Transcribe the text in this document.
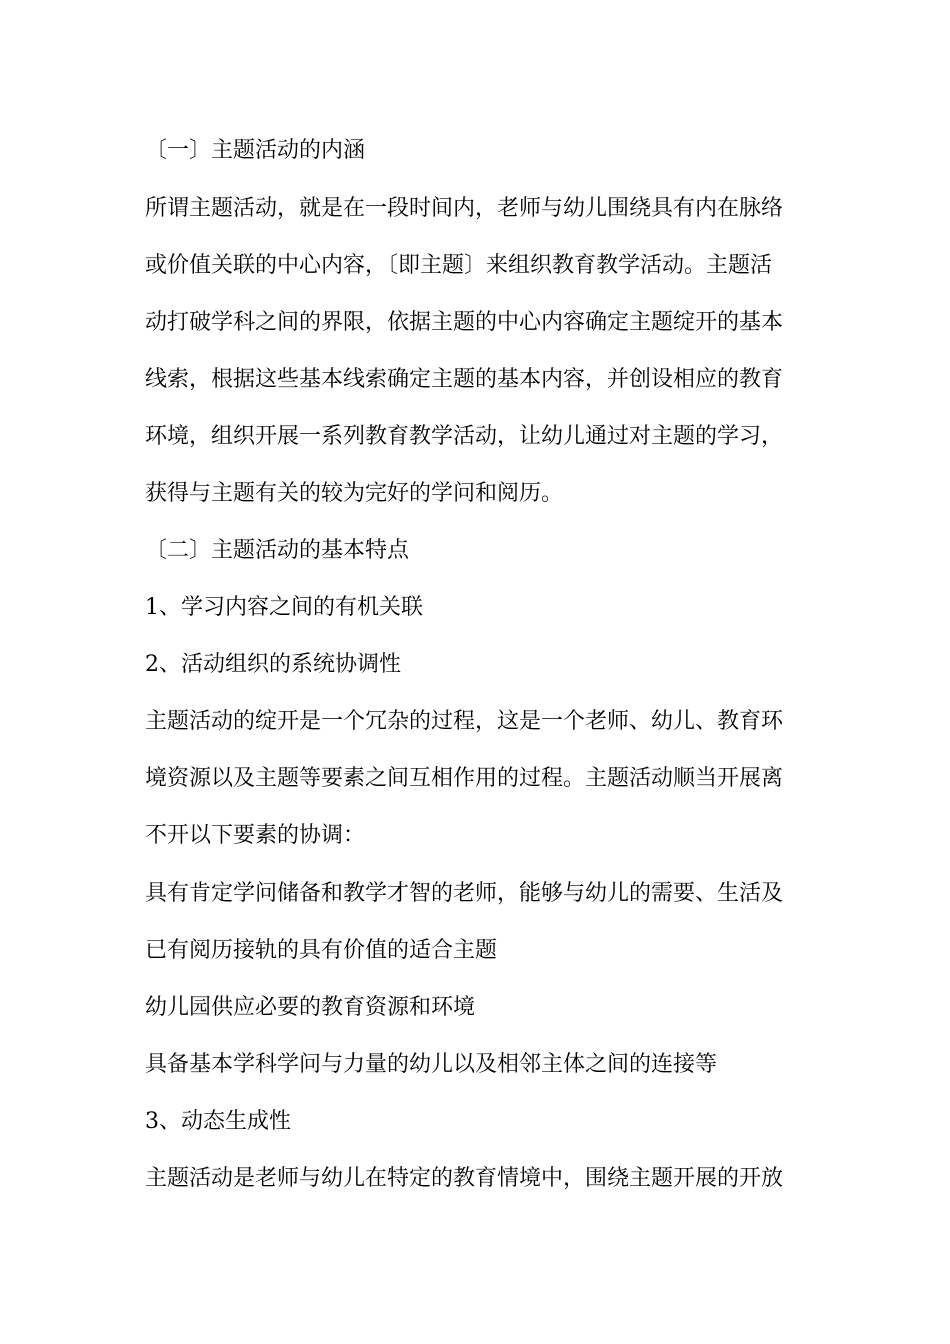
〔一〕主题活动的内涵
所谓主题活动，就是在一段时间内，老师与幼儿围绕具有内在脉络
或价值关联的中心内容，〔即主题〕来组织教育教学活动。主题活
动打破学科之间的界限，依据主题的中心内容确定主题绽开的基本
线索，根据这些基本线索确定主题的基本内容，并创设相应的教育
环境，组织开展一系列教育教学活动，让幼儿通过对主题的学习，
获得与主题有关的较为完好的学问和阅历。
〔二〕主题活动的基本特点
1、学习内容之间的有机关联
2、活动组织的系统协调性
主题活动的绽开是一个冗杂的过程，这是一个老师、幼儿、教育环
境资源以及主题等要素之间互相作用的过程。主题活动顺当开展离
不开以下要素的协调：
具有肯定学问储备和教学才智的老师，能够与幼儿的需要、生活及
已有阅历接轨的具有价值的适合主题
幼儿园供应必要的教育资源和环境
具备基本学科学问与力量的幼儿以及相邻主体之间的连接等
3、动态生成性
主题活动是老师与幼儿在特定的教育情境中，围绕主题开展的开放
